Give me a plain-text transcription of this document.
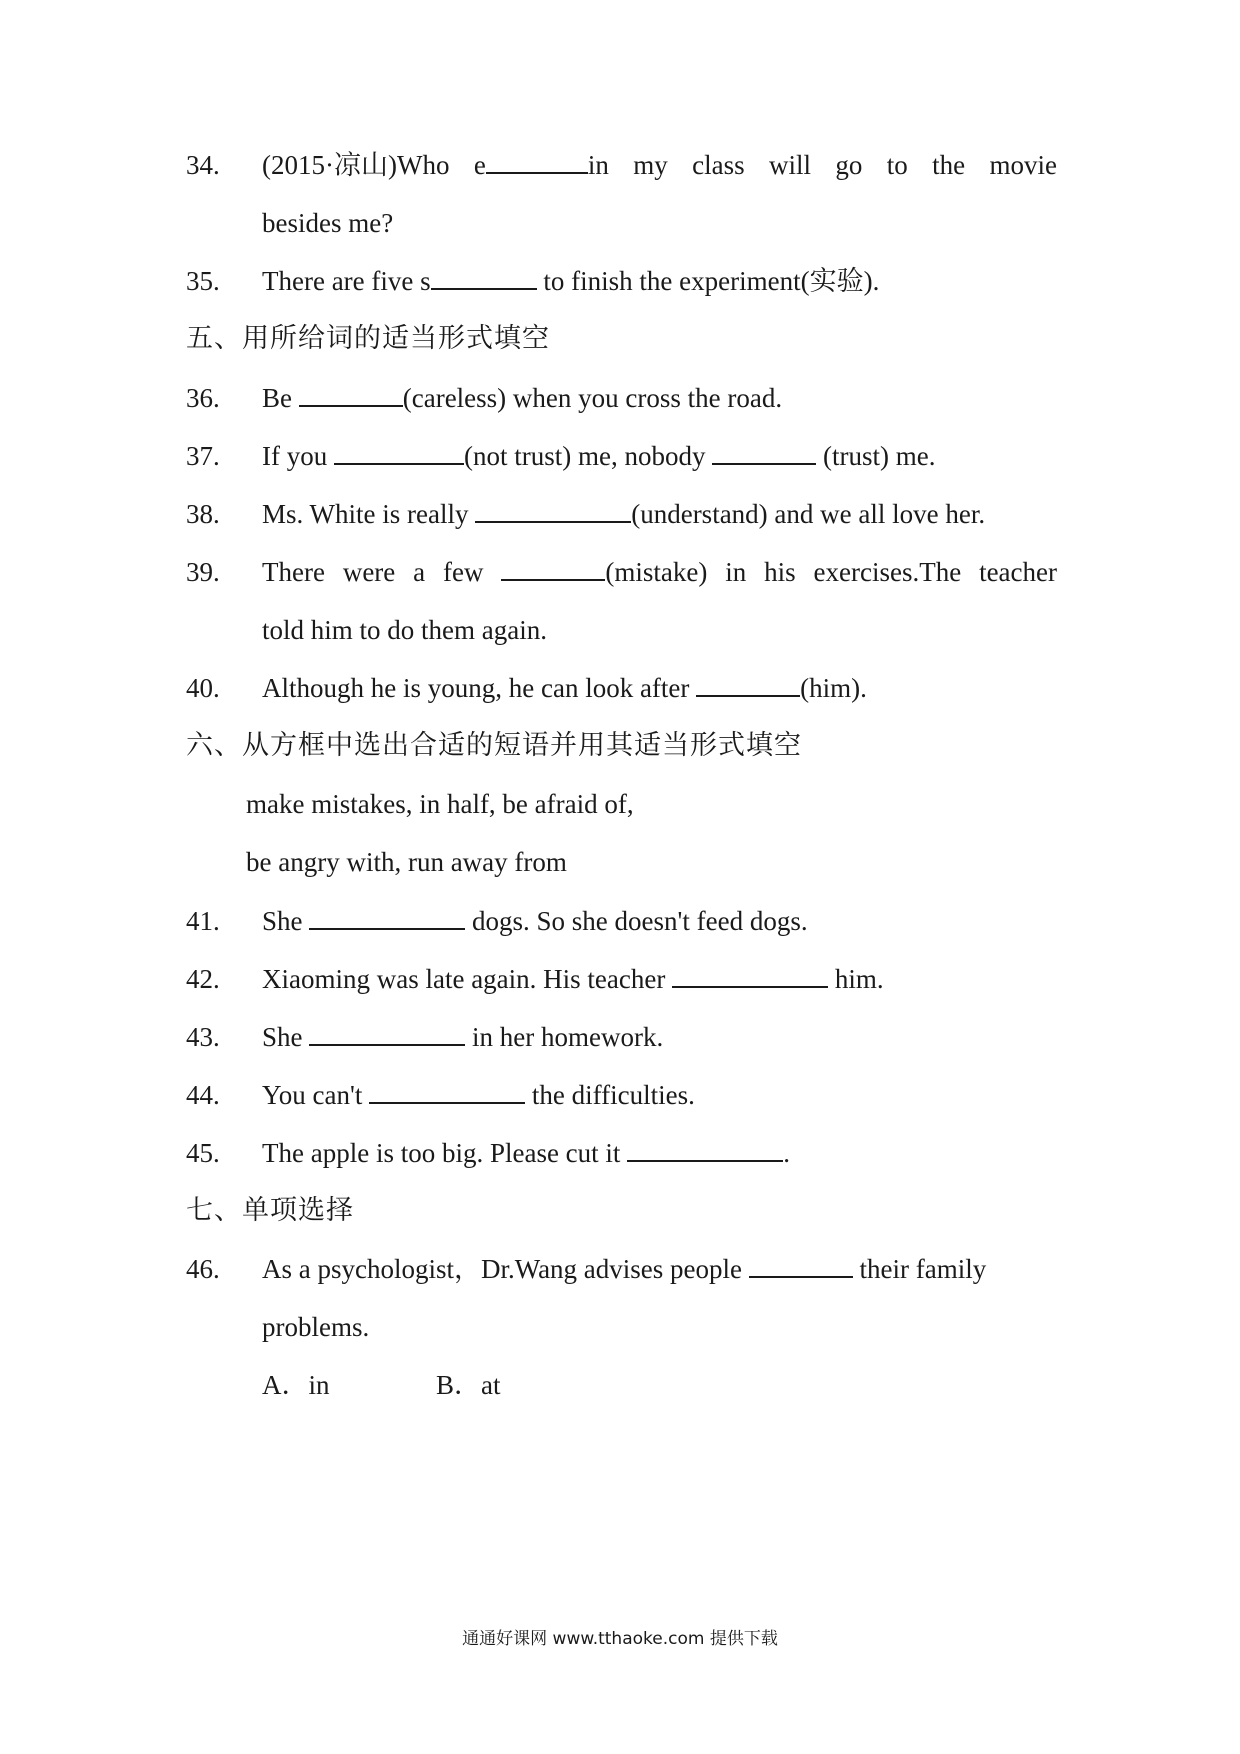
34.	(2015·凉山)Who e	in my class will go to the movie
besides me?
35.	There are five s	to finish the experiment(实验).
五、用所给词的适当形式填空
36.	Be	(careless) when you cross the road.
37.	If you	(not trust) me, nobody	(trust) me.
38.	Ms. White is really	(understand) and we all love her.
39.	There were a few	(mistake) in his exercises.The teacher
told him to do them again.
40.	Although he is young, he can look after	(him).
六、从方框中选出合适的短语并用其适当形式填空
make mistakes, in half, be afraid of,
be angry with, run away from
41.	She	dogs. So she doesn't feed dogs.
42.	Xiaoming was late again. His teacher	him.
43.	She	in her homework.
44.	You can't	the difficulties.
45.	The apple is too big. Please cut it	.
七、单项选择
46.	As a psychologist，Dr.Wang advises people	their family
problems.
A．in	B．at
通通好课网 www.tthaoke.com 提供下载
